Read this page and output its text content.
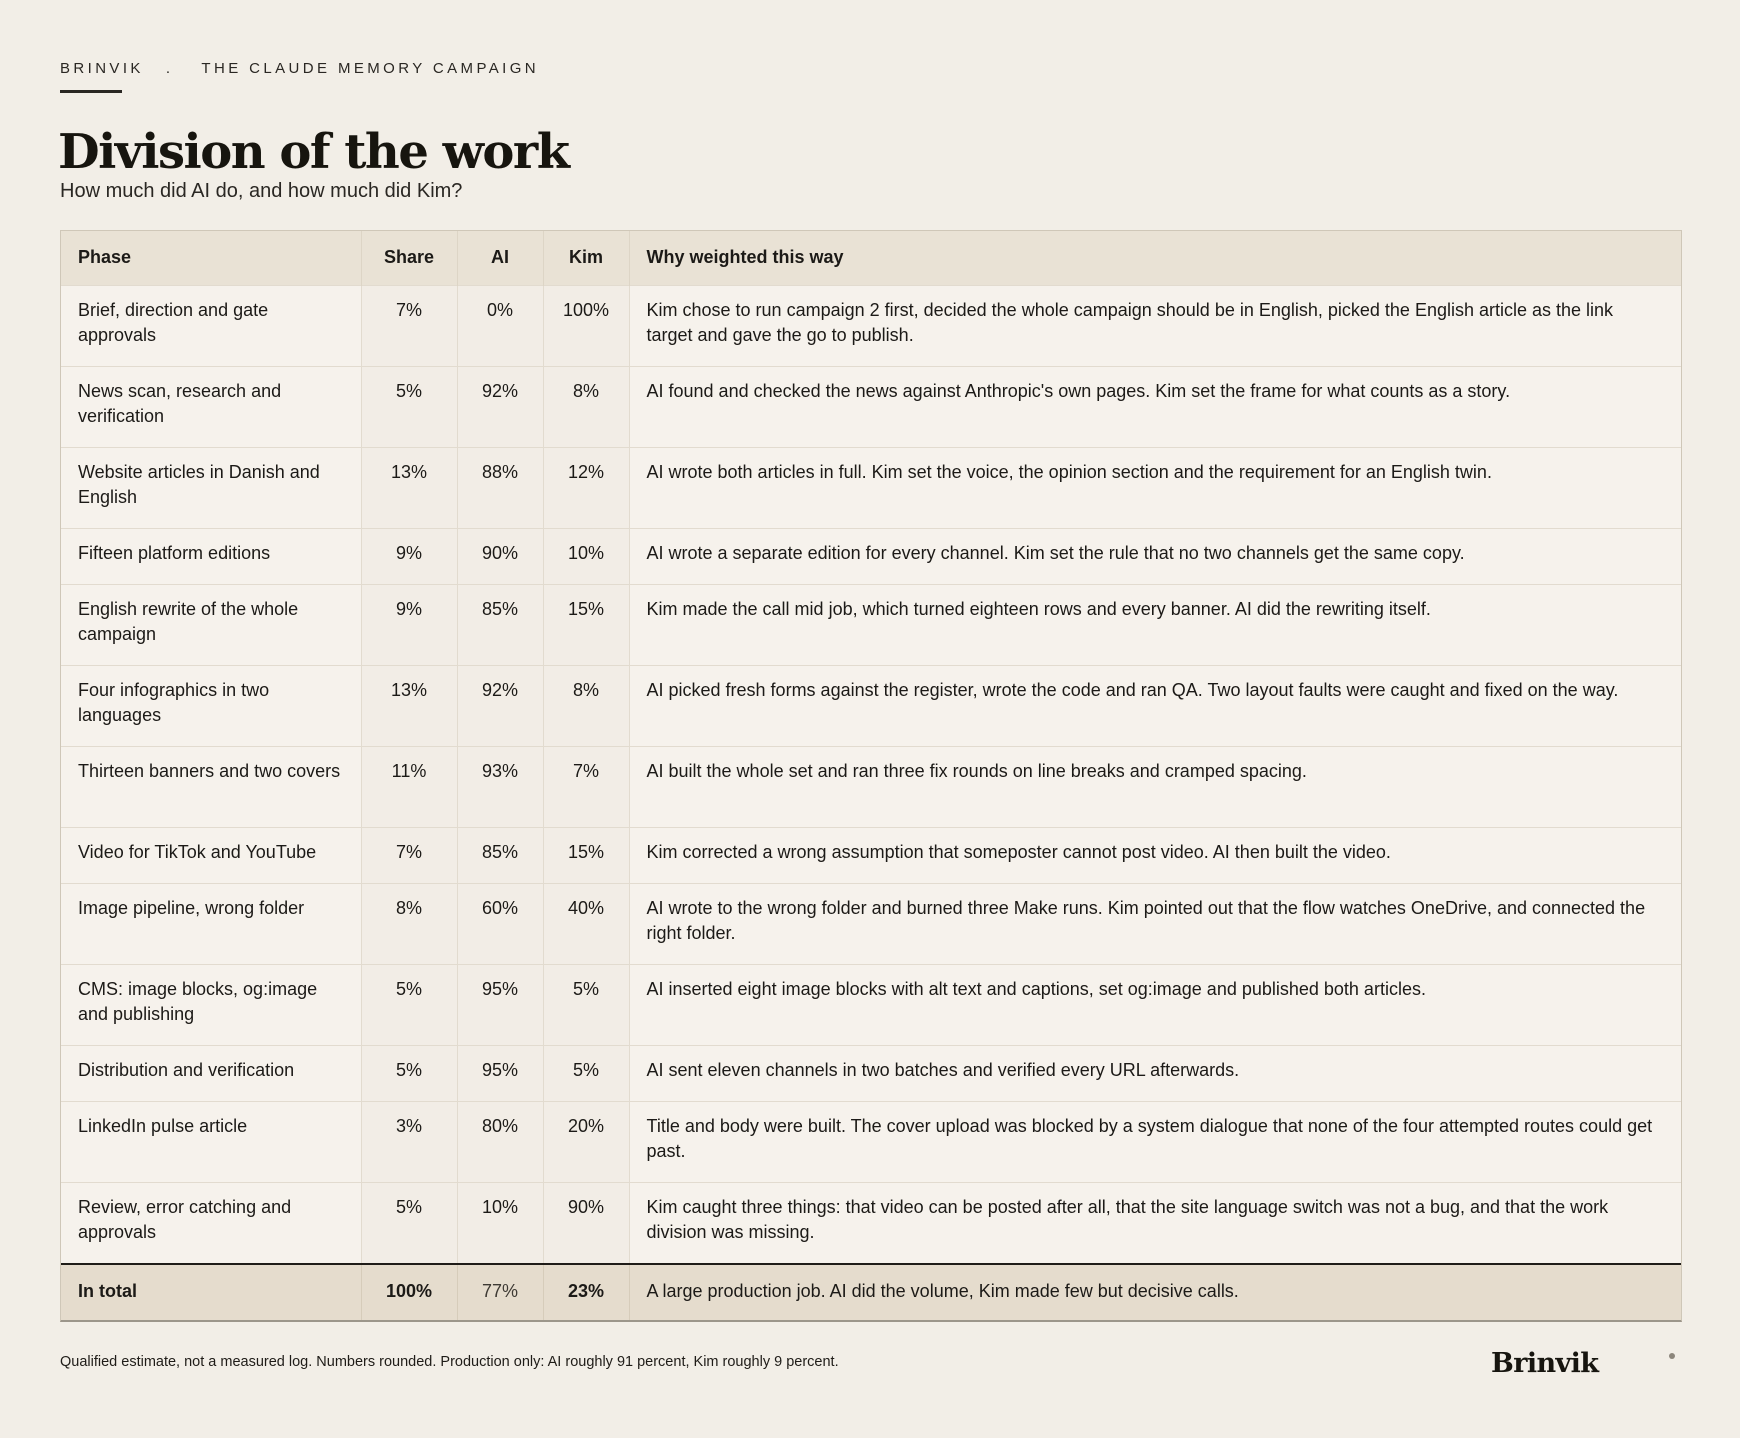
BRINVIK . THE CLAUDE MEMORY CAMPAIGN
Division of the work

How much did AI do, and how much did Kim?

Phase	Share	AI	Kim	Why weighted this way
Brief, direction and gate approvals	7%	0%	100%	Kim chose to run campaign 2 first, decided the whole campaign should be in English, picked the English article as the link target and gave the go to publish.
News scan, research and verification	5%	92%	8%	AI found and checked the news against Anthropic's own pages. Kim set the frame for what counts as a story.
Website articles in Danish and English	13%	88%	12%	AI wrote both articles in full. Kim set the voice, the opinion section and the requirement for an English twin.
Fifteen platform editions	9%	90%	10%	AI wrote a separate edition for every channel. Kim set the rule that no two channels get the same copy.
English rewrite of the whole campaign	9%	85%	15%	Kim made the call mid job, which turned eighteen rows and every banner. AI did the rewriting itself.
Four infographics in two languages	13%	92%	8%	AI picked fresh forms against the register, wrote the code and ran QA. Two layout faults were caught and fixed on the way.
Thirteen banners and two covers	11%	93%	7%	AI built the whole set and ran three fix rounds on line breaks and cramped spacing.
Video for TikTok and YouTube	7%	85%	15%	Kim corrected a wrong assumption that someposter cannot post video. AI then built the video.
Image pipeline, wrong folder	8%	60%	40%	AI wrote to the wrong folder and burned three Make runs. Kim pointed out that the flow watches OneDrive, and connected the right folder.
CMS: image blocks, og:image and publishing	5%	95%	5%	AI inserted eight image blocks with alt text and captions, set og:image and published both articles.
Distribution and verification	5%	95%	5%	AI sent eleven channels in two batches and verified every URL afterwards.
LinkedIn pulse article	3%	80%	20%	Title and body were built. The cover upload was blocked by a system dialogue that none of the four attempted routes could get past.
Review, error catching and approvals	5%	10%	90%	Kim caught three things: that video can be posted after all, that the site language switch was not a bug, and that the work division was missing.
In total	100%	77%	23%	A large production job. AI did the volume, Kim made few but decisive calls.

Qualified estimate, not a measured log. Numbers rounded. Production only: AI roughly 91 percent, Kim roughly 9 percent.	Brinvik
